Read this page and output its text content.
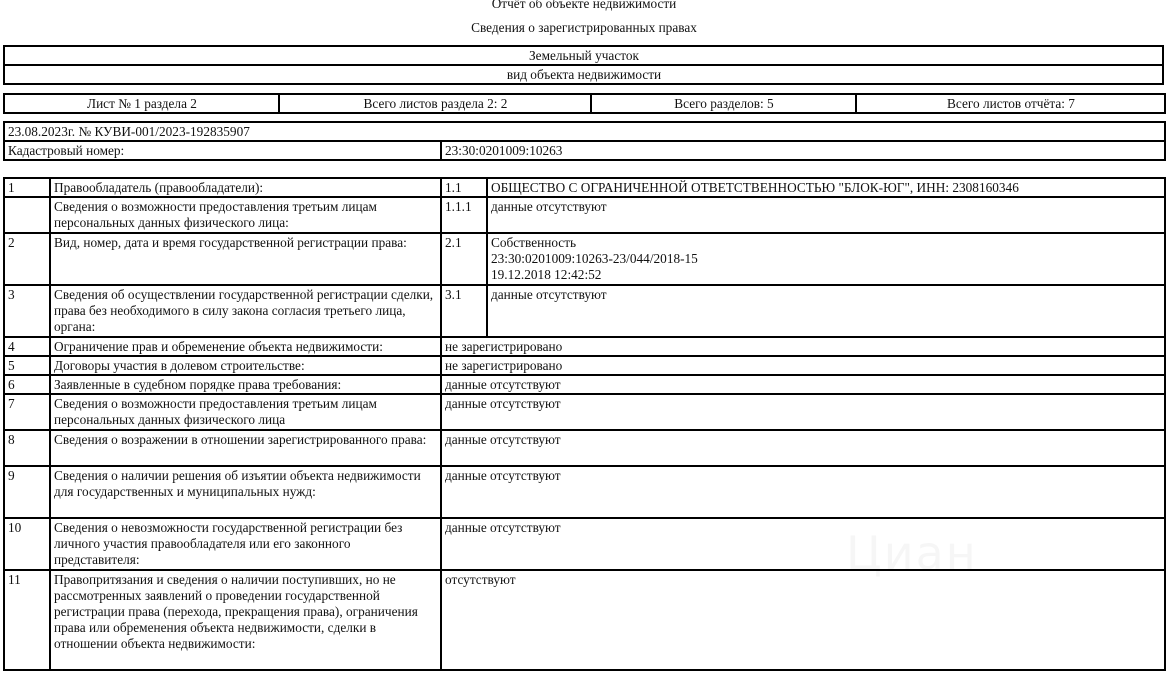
Отчёт об объекте недвижимости
Сведения о зарегистрированных правах
Земельный участок
вид объекта недвижимости
Лист № 1 раздела 2	Всего листов раздела 2: 2	Всего разделов: 5	Всего листов отчёта: 7
23.08.2023г. № КУВИ-001/2023-192835907
Кадастровый номер:	23:30:0201009:10263
1	Правообладатель (правообладатели):	1.1	ОБЩЕСТВО С ОГРАНИЧЕННОЙ ОТВЕТСТВЕННОСТЬЮ "БЛОК-ЮГ", ИНН: 2308160346
	Сведения о возможности предоставления третьим лицам персональных данных физического лица:	1.1.1	данные отсутствуют
2	Вид, номер, дата и время государственной регистрации права:	2.1	Собственность
23:30:0201009:10263-23/044/2018-15
19.12.2018 12:42:52

3	Сведения об осуществлении государственной регистрации сделки, права без необходимого в силу закона согласия третьего лица, органа:	3.1	данные отсутствуют
4	Ограничение прав и обременение объекта недвижимости:	не зарегистрировано	
5	Договоры участия в долевом строительстве:	не зарегистрировано	
6	Заявленные в судебном порядке права требования:	данные отсутствуют	
7	Сведения о возможности предоставления третьим лицам персональных данных физического лица	данные отсутствуют	
8	Сведения о возражении в отношении зарегистрированного права:	данные отсутствуют	
9	Сведения о наличии решения об изъятии объекта недвижимости для государственных и муниципальных нужд:	данные отсутствуют	
10	Сведения о невозможности государственной регистрации без личного участия правообладателя или его законного представителя:	данные отсутствуют	
11	Правопритязания и сведения о наличии поступивших, но не рассмотренных заявлений о проведении государственной регистрации права (перехода, прекращения права), ограничения права или обременения объекта недвижимости, сделки в отношении объекта недвижимости:	отсутствуют	
